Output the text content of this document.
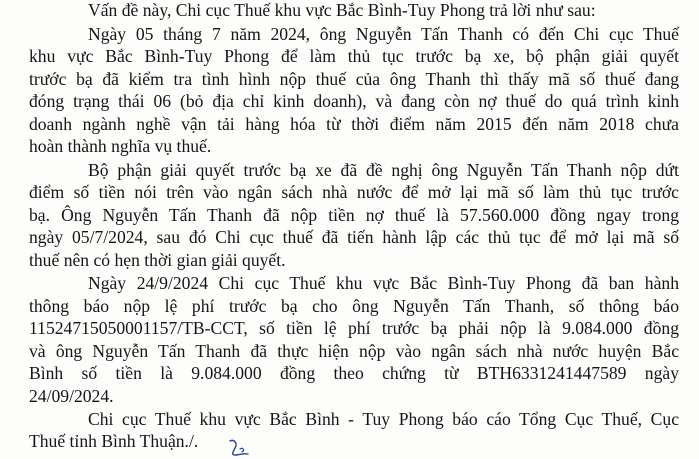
Vấn đề này, Chi cục Thuế khu vực Bắc Bình-Tuy Phong trả lời như sau:
Ngày 05 tháng 7 năm 2024, ông Nguyễn Tấn Thanh có đến Chi cục Thuế
khu vực Bắc Bình-Tuy Phong để làm thủ tục trước bạ xe, bộ phận giải quyết
trước bạ đã kiểm tra tình hình nộp thuế của ông Thanh thì thấy mã số thuế đang
đóng trạng thái 06 (bỏ địa chỉ kinh doanh), và đang còn nợ thuế do quá trình kinh
doanh ngành nghề vận tải hàng hóa từ thời điểm năm 2015 đến năm 2018 chưa
hoàn thành nghĩa vụ thuế.
Bộ phận giải quyết trước bạ xe đã đề nghị ông Nguyễn Tấn Thanh nộp dứt
điểm số tiền nói trên vào ngân sách nhà nước để mở lại mã số làm thủ tục trước
bạ. Ông Nguyễn Tấn Thanh đã nộp tiền nợ thuế là 57.560.000 đồng ngay trong
ngày 05/7/2024, sau đó Chi cục thuế đã tiến hành lập các thủ tục để mở lại mã số
thuế nên có hẹn thời gian giải quyết.
Ngày 24/9/2024 Chi cục Thuế khu vực Bắc Bình-Tuy Phong đã ban hành
thông báo nộp lệ phí trước bạ cho ông Nguyễn Tấn Thanh, số thông báo
11524715050001157/TB-CCT, số tiền lệ phí trước bạ phải nộp là 9.084.000 đồng
và ông Nguyễn Tấn Thanh đã thực hiện nộp vào ngân sách nhà nước huyện Bắc
Bình số tiền là 9.084.000 đồng theo chứng từ BTH6331241447589 ngày
24/09/2024.
Chi cục Thuế khu vực Bắc Bình - Tuy Phong báo cáo Tổng Cục Thuế, Cục
Thuế tỉnh Bình Thuận./.
